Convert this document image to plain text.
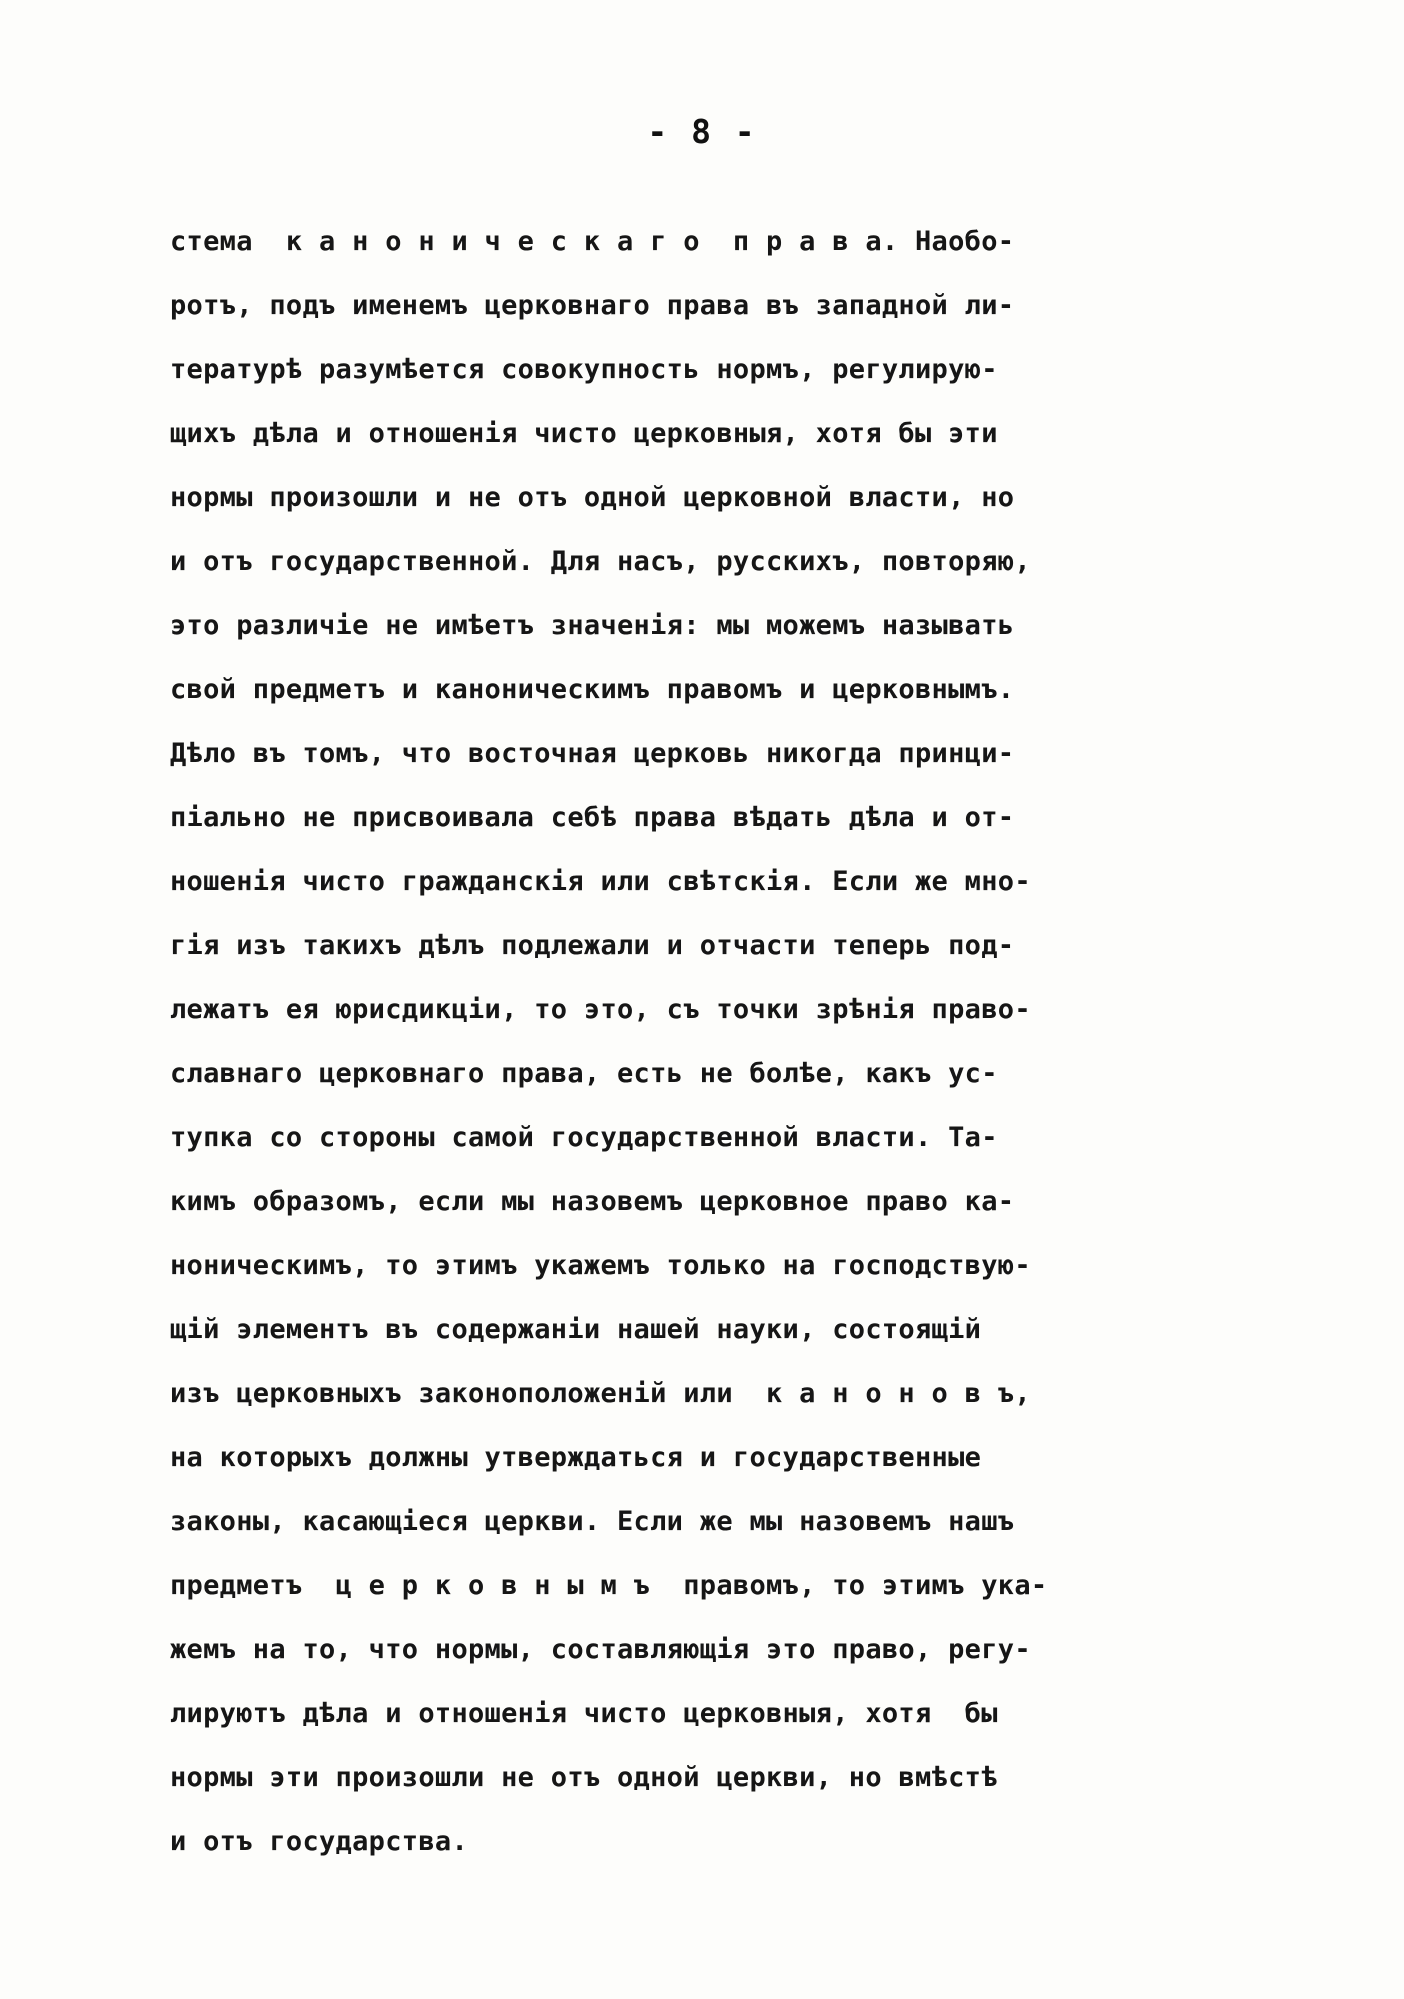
- 8 -
стема  к а н о н и ч е с к а г о  п р а в а. Наобо-
ротъ, подъ именемъ церковнаго права въ западной ли-
тературѣ разумѣется совокупность нормъ, регулирую-
щихъ дѣла и отношенія чисто церковныя, хотя бы эти
нормы произошли и не отъ одной церковной власти, но
и отъ государственной. Для насъ, русскихъ, повторяю,
это различіе не имѣетъ значенія: мы можемъ называть
свой предметъ и каноническимъ правомъ и церковнымъ.
Дѣло въ томъ, что восточная церковь никогда принци-
піально не присвоивала себѣ права вѣдать дѣла и от-
ношенія чисто гражданскія или свѣтскія. Если же мно-
гія изъ такихъ дѣлъ подлежали и отчасти теперь под-
лежатъ ея юрисдикціи, то это, съ точки зрѣнія право-
славнаго церковнаго права, есть не болѣе, какъ ус-
тупка со стороны самой государственной власти. Та-
кимъ образомъ, если мы назовемъ церковное право ка-
ноническимъ, то этимъ укажемъ только на господствую-
щій элементъ въ содержаніи нашей науки, состоящій
изъ церковныхъ законоположеній или  к а н о н о в ъ,
на которыхъ должны утверждаться и государственные
законы, касающіеся церкви. Если же мы назовемъ нашъ
предметъ  ц е р к о в н ы м ъ  правомъ, то этимъ ука-
жемъ на то, что нормы, составляющія это право, регу-
лируютъ дѣла и отношенія чисто церковныя, хотя  бы
нормы эти произошли не отъ одной церкви, но вмѣстѣ
и отъ государства.
